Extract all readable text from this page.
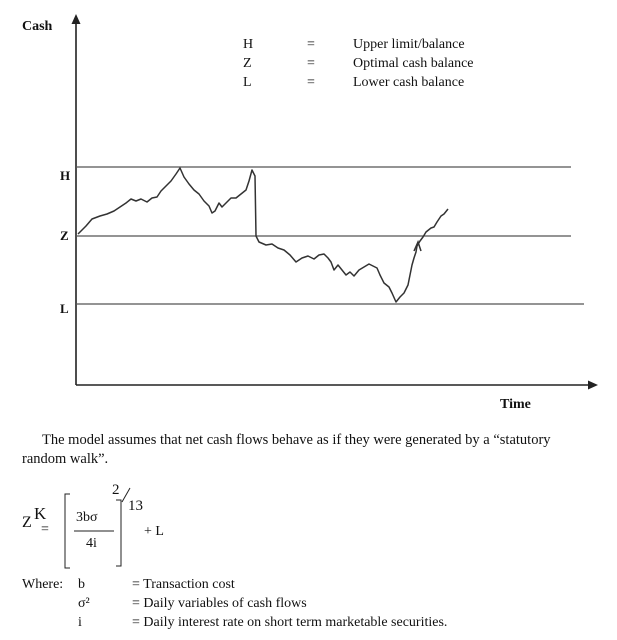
Cash
Time
H
Z
L
H	=	Upper limit/balance
Z	=	Optimal cash balance
L	=	Lower cash balance
The model assumes that net cash flows behave as if they were generated by a “statutory random walk”.
Z K
=
2
3bσ
4i
13
+ L
Where: b	= Transaction cost
σ²	= Daily variables of cash flows
i	= Daily interest rate on short term marketable securities.
